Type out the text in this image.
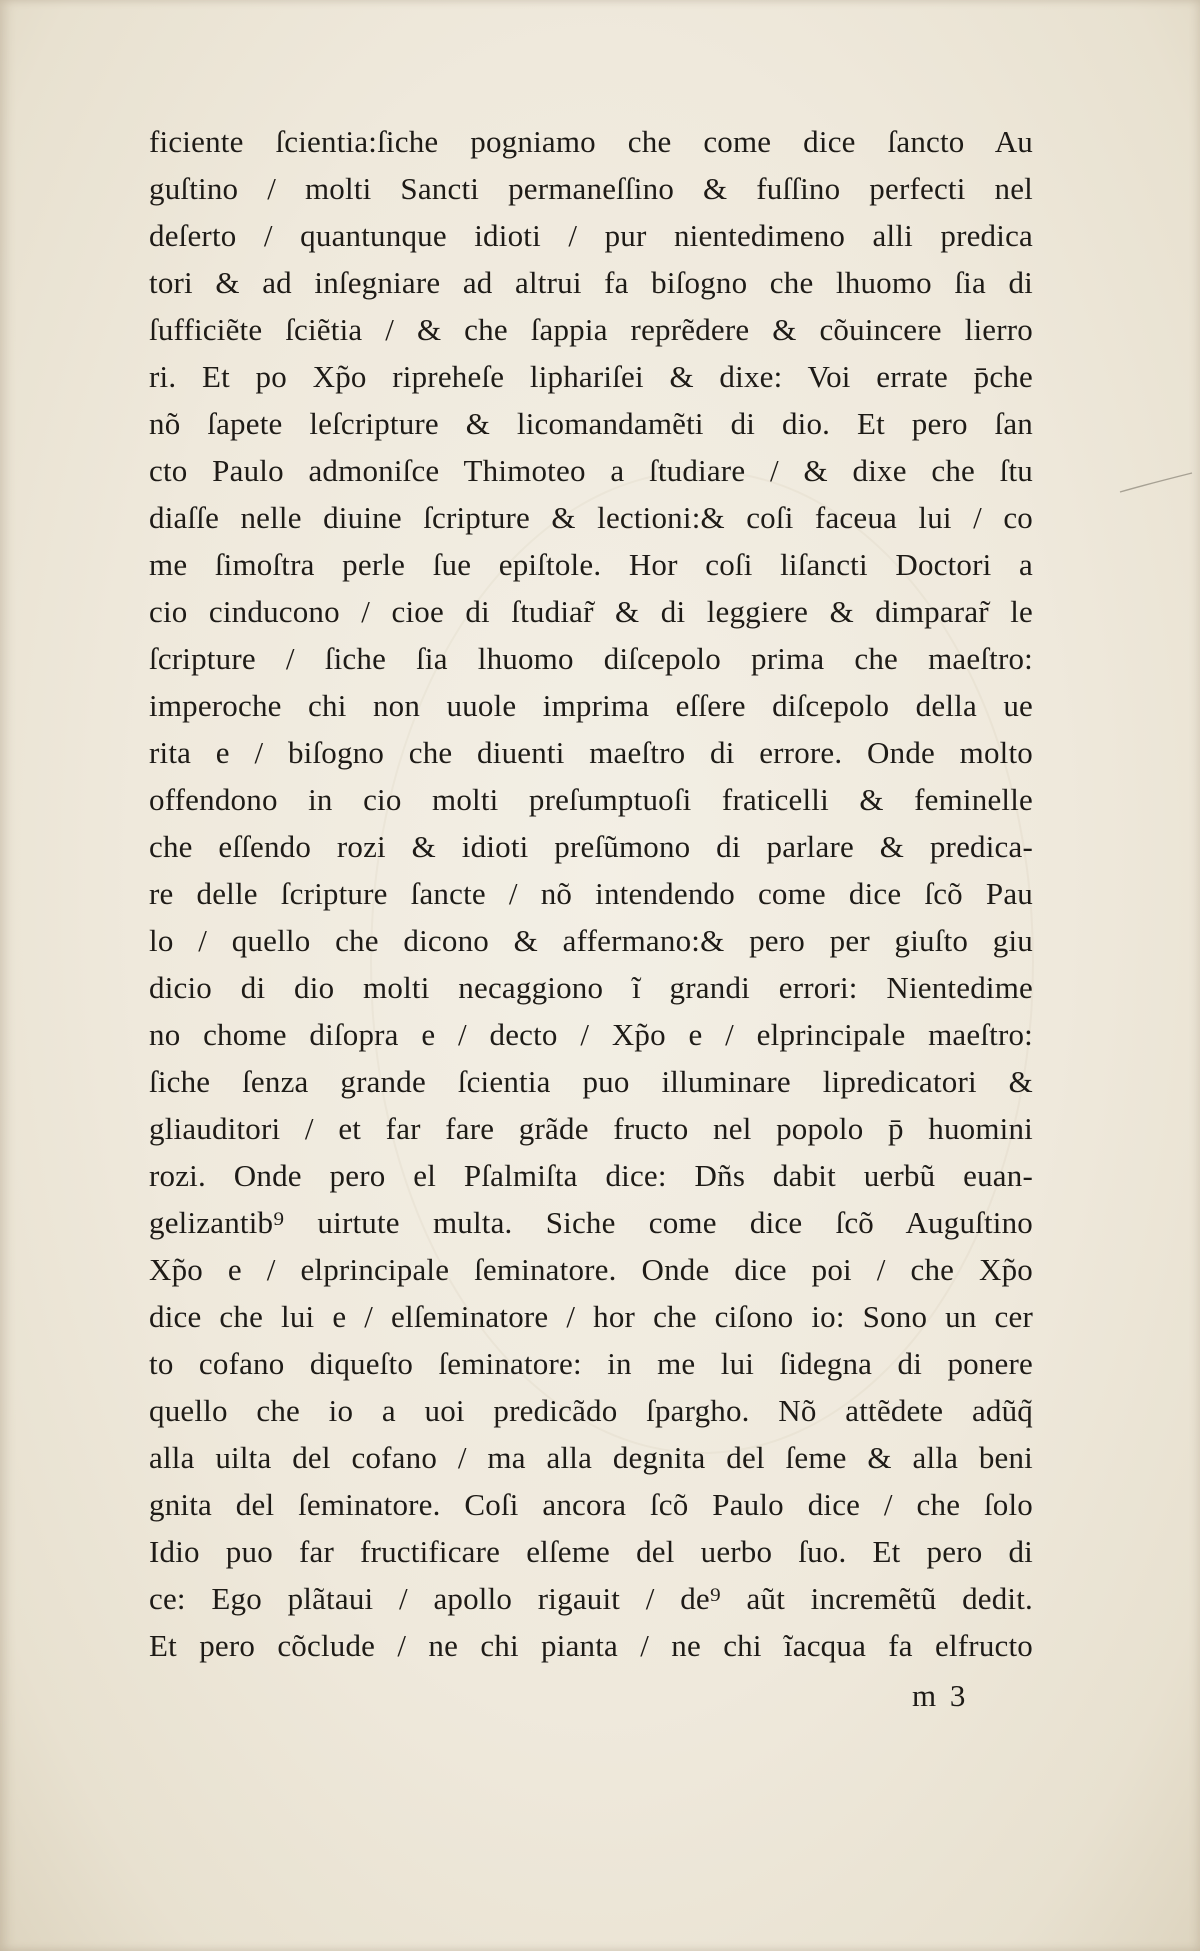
ficiente ſcientia:ſiche pogniamo che come dice ſancto Au
guſtino / molti Sancti permaneſſino & fuſſino perfecti nel
deſerto / quantunque idioti / pur nientedimeno alli predica
tori & ad inſegniare ad altrui fa biſogno che lhuomo ſia di
ſufficiẽte ſciẽtia / & che ſappia reprẽdere & cõuincere lierro
ri. Et po Xp̃o ripreheſe liphariſei & dixe: Voi errate p̄che
nõ ſapete leſcripture & licomandamẽti di dio. Et pero ſan
cto Paulo admoniſce Thimoteo a ſtudiare / & dixe che ſtu
diaſſe nelle diuine ſcripture & lectioni:& coſi faceua lui / co
me ſimoſtra perle ſue epiſtole. Hor coſi liſancti Doctori a
cio cinducono / cioe di ſtudiar̃ & di leggiere & dimparar̃ le
ſcripture / ſiche ſia lhuomo diſcepolo prima che maeſtro:
imperoche chi non uuole imprima eſſere diſcepolo della ue
rita e / biſogno che diuenti maeſtro di errore. Onde molto
offendono in cio molti preſumptuoſi fraticelli & feminelle
che eſſendo rozi & idioti preſũmono di parlare & predica-
re delle ſcripture ſancte / nõ intendendo come dice ſcõ Pau
lo / quello che dicono & affermano:& pero per giuſto giu
dicio di dio molti necaggiono ĩ grandi errori: Nientedime
no chome diſopra e / decto / Xp̃o e / elprincipale maeſtro:
ſiche ſenza grande ſcientia puo illuminare lipredicatori &
gliauditori / et far fare grãde fructo nel popolo p̄ huomini
rozi. Onde pero el Pſalmiſta dice: Dñs dabit uerbũ euan-
gelizantib⁹ uirtute multa. Siche come dice ſcõ Auguſtino
Xp̃o e / elprincipale ſeminatore. Onde dice poi / che Xp̃o
dice che lui e / elſeminatore / hor che ciſono io: Sono un cer
to cofano diqueſto ſeminatore: in me lui ſidegna di ponere
quello che io a uoi predicãdo ſpargho. Nõ attẽdete adũq̃
alla uilta del cofano / ma alla degnita del ſeme & alla beni
gnita del ſeminatore. Coſi ancora ſcõ Paulo dice / che ſolo
Idio puo far fructificare elſeme del uerbo ſuo. Et pero di
ce: Ego plãtaui / apollo rigauit / de⁹ aũt incremẽtũ dedit.
Et pero cõclude / ne chi pianta / ne chi ĩacqua fa elfructo
m 3
